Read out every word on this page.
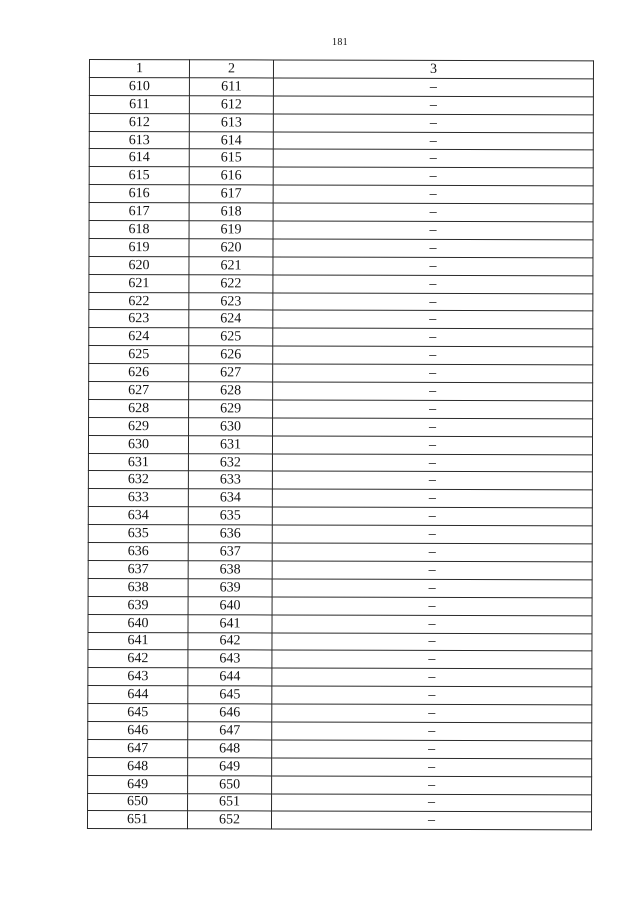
181
1	2	3
610	611	–
611	612	–
612	613	–
613	614	–
614	615	–
615	616	–
616	617	–
617	618	–
618	619	–
619	620	–
620	621	–
621	622	–
622	623	–
623	624	–
624	625	–
625	626	–
626	627	–
627	628	–
628	629	–
629	630	–
630	631	–
631	632	–
632	633	–
633	634	–
634	635	–
635	636	–
636	637	–
637	638	–
638	639	–
639	640	–
640	641	–
641	642	–
642	643	–
643	644	–
644	645	–
645	646	–
646	647	–
647	648	–
648	649	–
649	650	–
650	651	–
651	652	–
